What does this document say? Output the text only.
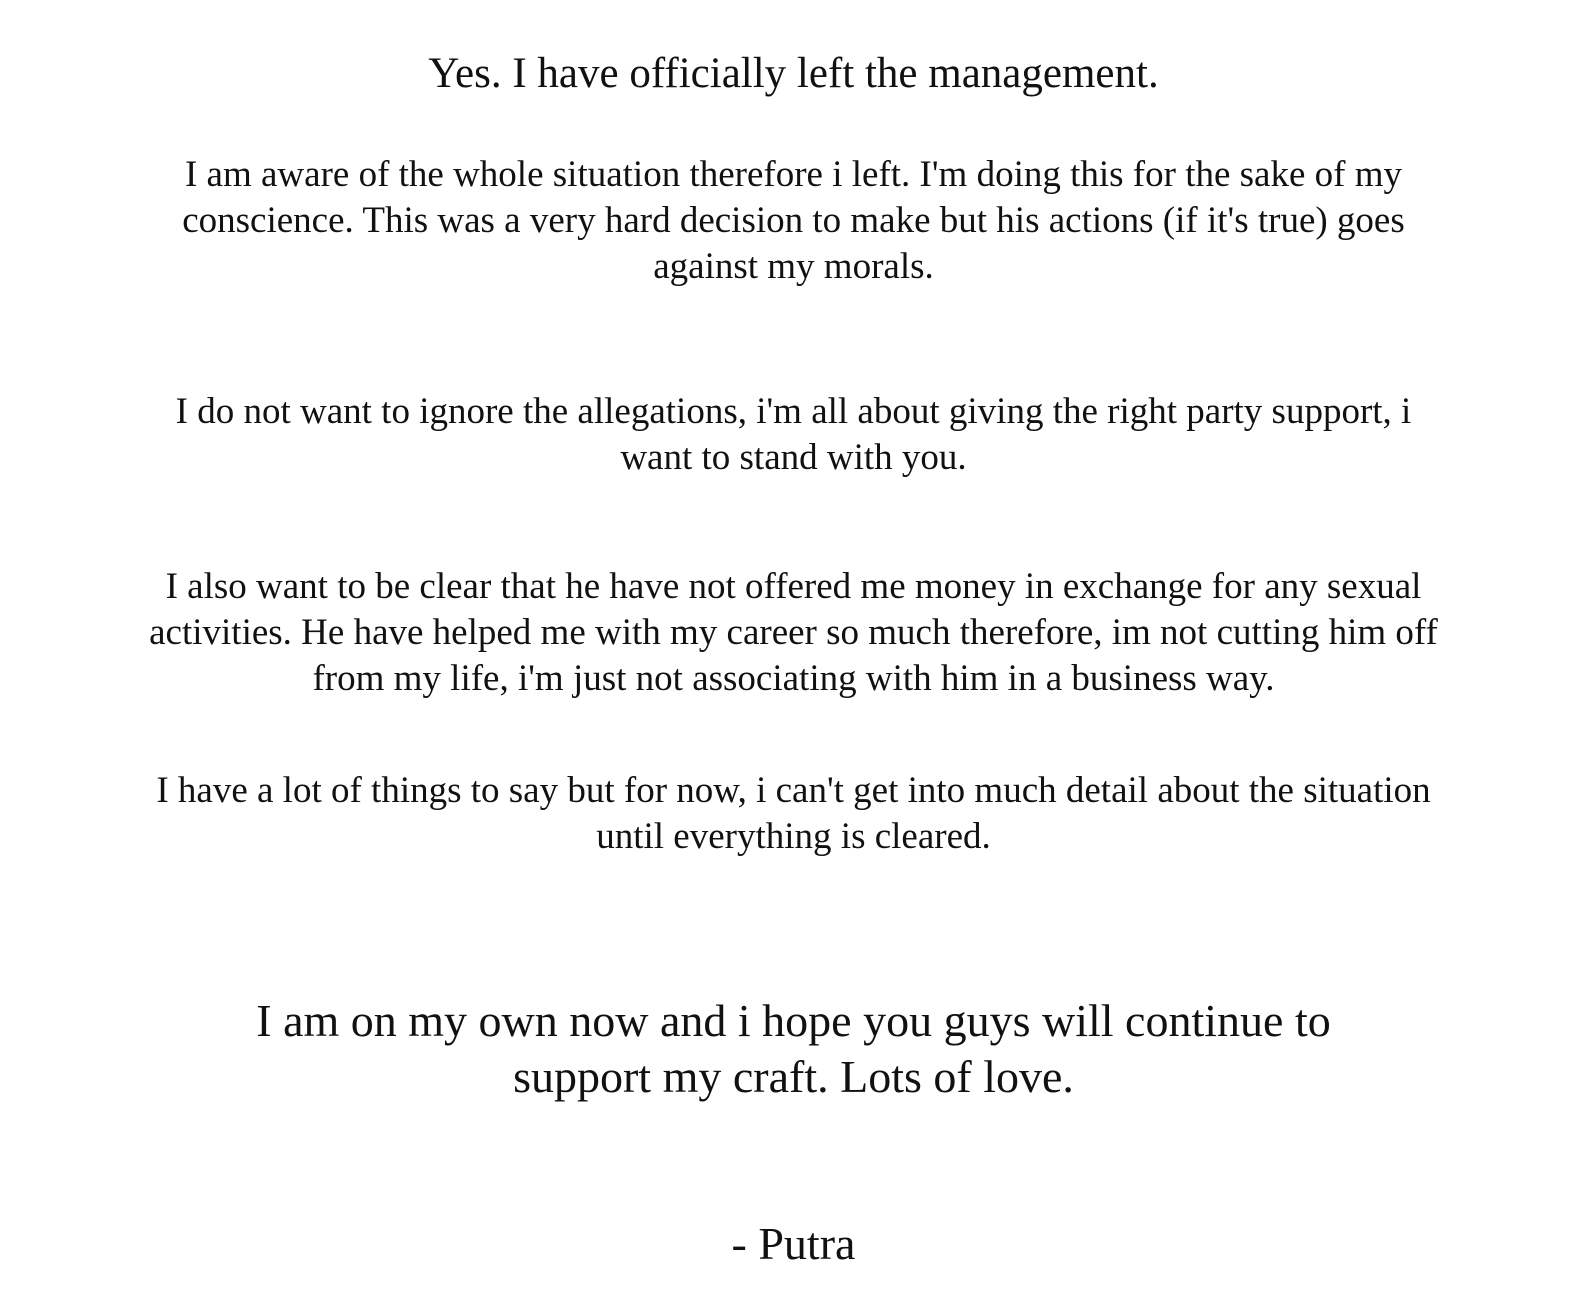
Yes. I have officially left the management.

I am aware of the whole situation therefore i left. I'm doing this for the sake of my
conscience. This was a very hard decision to make but his actions (if it's true) goes
against my morals.
I do not want to ignore the allegations, i'm all about giving the right party support, i
want to stand with you.
I also want to be clear that he have not offered me money in exchange for any sexual
activities. He have helped me with my career so much therefore, im not cutting him off
from my life, i'm just not associating with him in a business way.
I have a lot of things to say but for now, i can't get into much detail about the situation
until everything is cleared.
I am on my own now and i hope you guys will continue to
support my craft. Lots of love.

- Putra
